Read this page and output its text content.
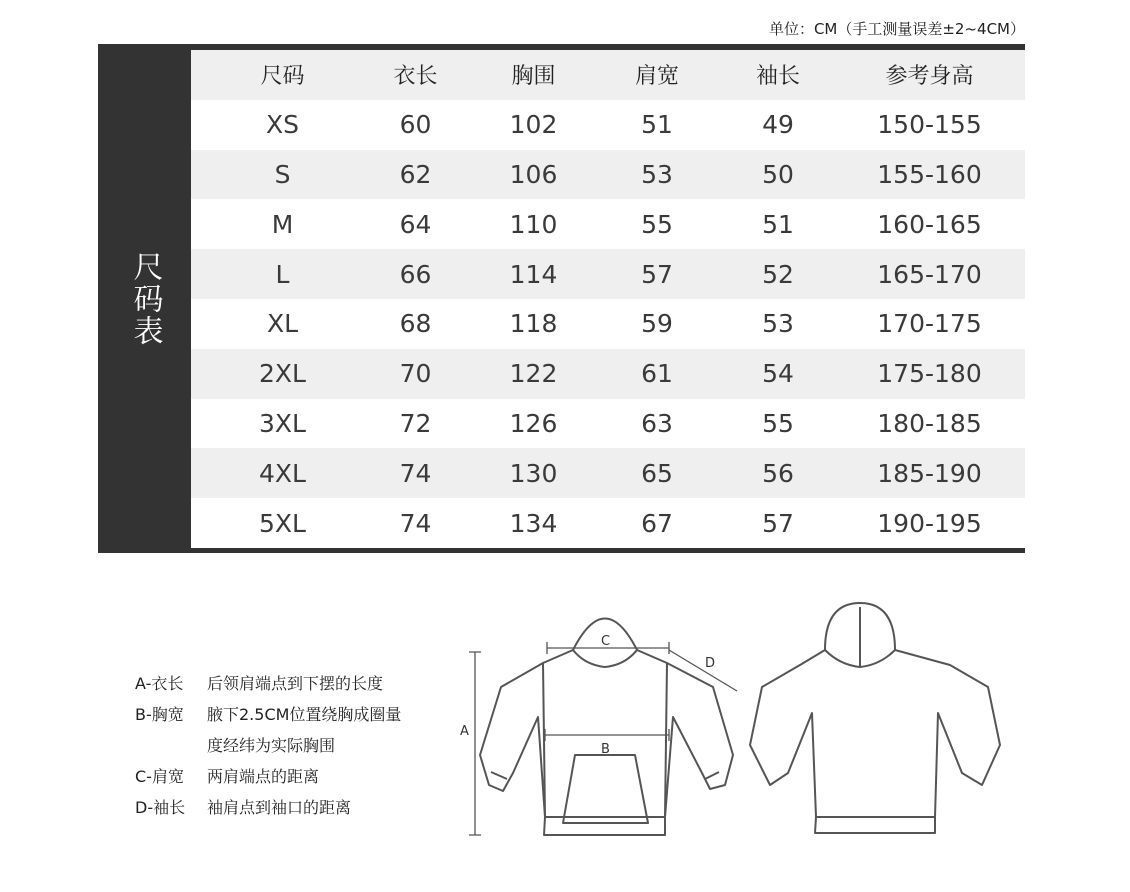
单位：CM（手工测量误差±2~4CM）
尺码表
尺码	衣长	胸围	肩宽	袖长	参考身高
XS	60	102	51	49	150-155
S	62	106	53	50	155-160
M	64	110	55	51	160-165
L	66	114	57	52	165-170
XL	68	118	59	53	170-175
2XL	70	122	61	54	175-180
3XL	72	126	63	55	180-185
4XL	74	130	65	56	185-190
5XL	74	134	67	57	190-195
A-衣长	后领肩端点到下摆的长度
B-胸宽	腋下2.5CM位置绕胸成圈量
度经纬为实际胸围
C-肩宽	两肩端点的距离
D-袖长	袖肩点到袖口的距离
A
B
C
D
